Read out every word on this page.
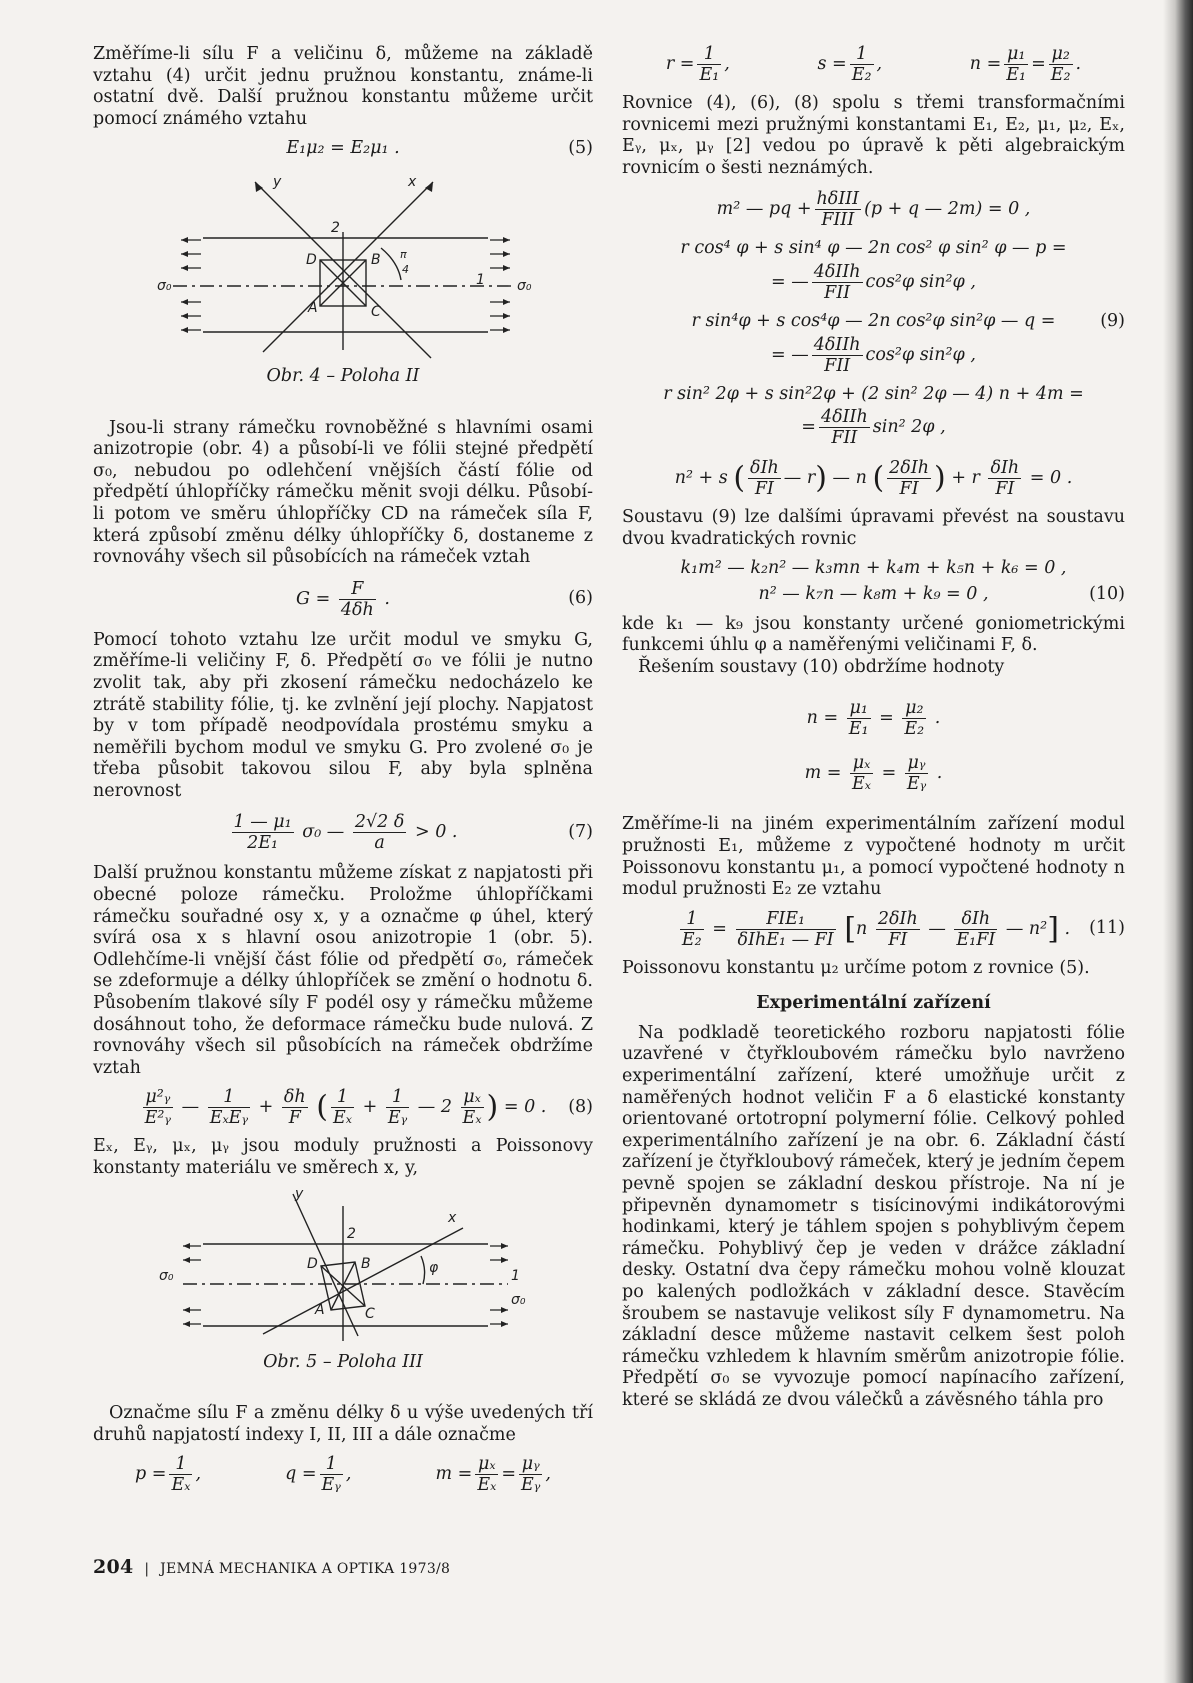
Změříme-li sílu F a veličinu δ, můžeme na základě vztahu (4) určit jednu pružnou konstantu, známe-li ostatní dvě. Další pružnou konstantu můžeme určit pomocí známého vztahu

E₁μ₂ = E₂μ₁ .	(5)
y	x
2
D	B
A	C
1
σ₀	σ₀
π
4
Obr. 4 – Poloha II

Jsou-li strany rámečku rovnoběžné s hlavními osami anizotropie (obr. 4) a působí-li ve fólii stejné předpětí σ₀, nebudou po odlehčení vnějších částí fólie od předpětí úhlopříčky rámečku měnit svoji délku. Působí-li potom ve směru úhlopříčky CD na rámeček síla F, která způsobí změnu délky úhlopříčky δ, dostaneme z rovnováhy všech sil působících na rámeček vztah

$G = \frac{F}{4\delta h}$ .	(6)

Pomocí tohoto vztahu lze určit modul ve smyku G, změříme-li veličiny F, δ. Předpětí σ₀ ve fólii je nutno zvolit tak, aby při zkosení rámečku nedocházelo ke ztrátě stability fólie, tj. ke zvlnění její plochy. Napjatost by v tom případě neodpovídala prostému smyku a neměřili bychom modul ve smyku G. Pro zvolené σ₀ je třeba působit takovou silou F, aby byla splněna nerovnost

$\frac{\text{1 — μ₁}}{\text{2E₁}} \sigma_0$ — $\frac{2√2 \delta}{a} > 0$ .	(7)

Další pružnou konstantu můžeme získat z napjatosti při obecné poloze rámečku. Proložme úhlopříčkami rámečku souřadné osy x, y a označme φ úhel, který svírá osa x s hlavní osou anizotropie 1 (obr. 5). Odlehčíme-li vnější část fólie od předpětí σ₀, rámeček se zdeformuje a délky úhlopříček se změní o hodnotu δ. Působením tlakové síly F podél osy y rámečku můžeme dosáhnout toho, že deformace rámečku bude nulová. Z rovnováhy všech sil působících na rámeček obdržíme vztah

$\frac{\text{μ²ᵧ}}{\text{E²ᵧ}}$ — $\frac{1}{\text{EₓEᵧ}} + \frac{\delta h}{F}$ ( $\frac{1}{\text{Eₓ}} + \frac{1}{\text{Eᵧ}}$ — $2 \frac{\text{μₓ}}{\text{Eₓ}}$ ) = 0 . (8)

Eₓ, Eᵧ, μₓ, μᵧ jsou moduly pružnosti a Poissonovy konstanty materiálu ve směrech x, y,

y
x
2
D	B
A	C
φ	1
σ₀
σ₀
Obr. 5 – Poloha III

Označme sílu F a změnu délky δ u výše uvedených tří druhů napjatostí indexy I, II, III a dále označme

$p = \frac{1}{\text{Eₓ}}$ ,	$q = \frac{1}{\text{Eᵧ}}$ ,	$m = \frac{\text{μₓ}}{\text{Eₓ}} = \frac{\text{μᵧ}}{\text{Eᵧ}}$ ,
$r = \frac{1}{\text{E₁}}$ ,	$s = \frac{1}{\text{E₂}}$ ,	$n = \frac{\text{μ₁}}{\text{E₁}} = \frac{\text{μ₂}}{\text{E₂}}$ .

Rovnice (4), (6), (8) spolu s třemi transformačními rovnicemi mezi pružnými konstantami E₁, E₂, μ₁, μ₂, Eₓ, Eᵧ, μₓ, μᵧ [2] vedou po úpravě k pěti algebraickým rovnicím o šesti neznámých.

m² — pq + $\frac{\text{hδIII}}{\text{FIII}} (p + q$ — 2m) = 0 ,
r cos⁴ φ + s sin⁴ φ — 2n cos² φ sin² φ — p =
= — $\frac{\text{4δIIh}}{\text{FII}} \cos^2\varphi$ sin²φ ,
r sin⁴φ + s cos⁴φ — 2n cos²φ sin²φ — q =	(9)
= — $\frac{\text{4δIIh}}{\text{FII}} \cos^2\varphi$ sin²φ ,
r sin² 2φ + s sin²2φ + (2 sin² 2φ — 4) n + 4m =
= $\frac{\text{4δIIh}}{\text{FII}} \sin^2$ 2φ ,
n² + s ( $\frac{\text{δIh}}{FI}$ — r) — n ( $\frac{\text{2δIh}}{FI}$ ) + r $\frac{\text{δIh}}{FI} = 0$ .

Soustavu (9) lze dalšími úpravami převést na soustavu dvou kvadratických rovnic

k₁m² — k₂n² — k₃mn + k₄m + k₅n + k₆ = 0 ,
n² — k₇n — k₈m + k₉ = 0 ,	(10)

kde k₁ — k₉ jsou konstanty určené goniometrickými funkcemi úhlu φ a naměřenými veličinami F, δ.

Řešením soustavy (10) obdržíme hodnoty

$n = \frac{\text{μ₁}}{\text{E₁}} = \frac{\text{μ₂}}{\text{E₂}}$ .
$m = \frac{\text{μₓ}}{\text{Eₓ}} = \frac{\text{μᵧ}}{\text{Eᵧ}}$ .

Změříme-li na jiném experimentálním zařízení modul pružnosti E₁, můžeme z vypočtené hodnoty m určit Poissonovu konstantu μ₁, a pomocí vypočtené hodnoty n modul pružnosti E₂ ze vztahu

$\frac{1}{\text{E₂}} = \frac{\text{FIE₁}}{\text{δIhE₁ — FI}} [n \frac{\text{2δIh}}{FI}$ — $\frac{\text{δIh}}{\text{E₁FI}}$ — n²] . (11)

Poissonovu konstantu μ₂ určíme potom z rovnice (5).

Experimentální zařízení

Na podkladě teoretického rozboru napjatosti fólie uzavřené v čtyřkloubovém rámečku bylo navrženo experimentální zařízení, které umožňuje určit z naměřených hodnot veličin F a δ elastické konstanty orientované ortotropní polymerní fólie. Celkový pohled experimentálního zařízení je na obr. 6. Základní částí zařízení je čtyřkloubový rámeček, který je jedním čepem pevně spojen se základní deskou přístroje. Na ní je připevněn dynamometr s tisícinovými indikátorovými hodinkami, který je táhlem spojen s pohyblivým čepem rámečku. Pohyblivý čep je veden v drážce základní desky. Ostatní dva čepy rámečku mohou volně klouzat po kalených podložkách v základní desce. Stavěcím šroubem se nastavuje velikost síly F dynamometru. Na základní desce můžeme nastavit celkem šest poloh rámečku vzhledem k hlavním směrům anizotropie fólie. Předpětí σ₀ se vyvozuje pomocí napínacího zařízení, které se skládá ze dvou válečků a závěsného táhla pro

204 | JEMNÁ MECHANIKA A OPTIKA 1973/8
